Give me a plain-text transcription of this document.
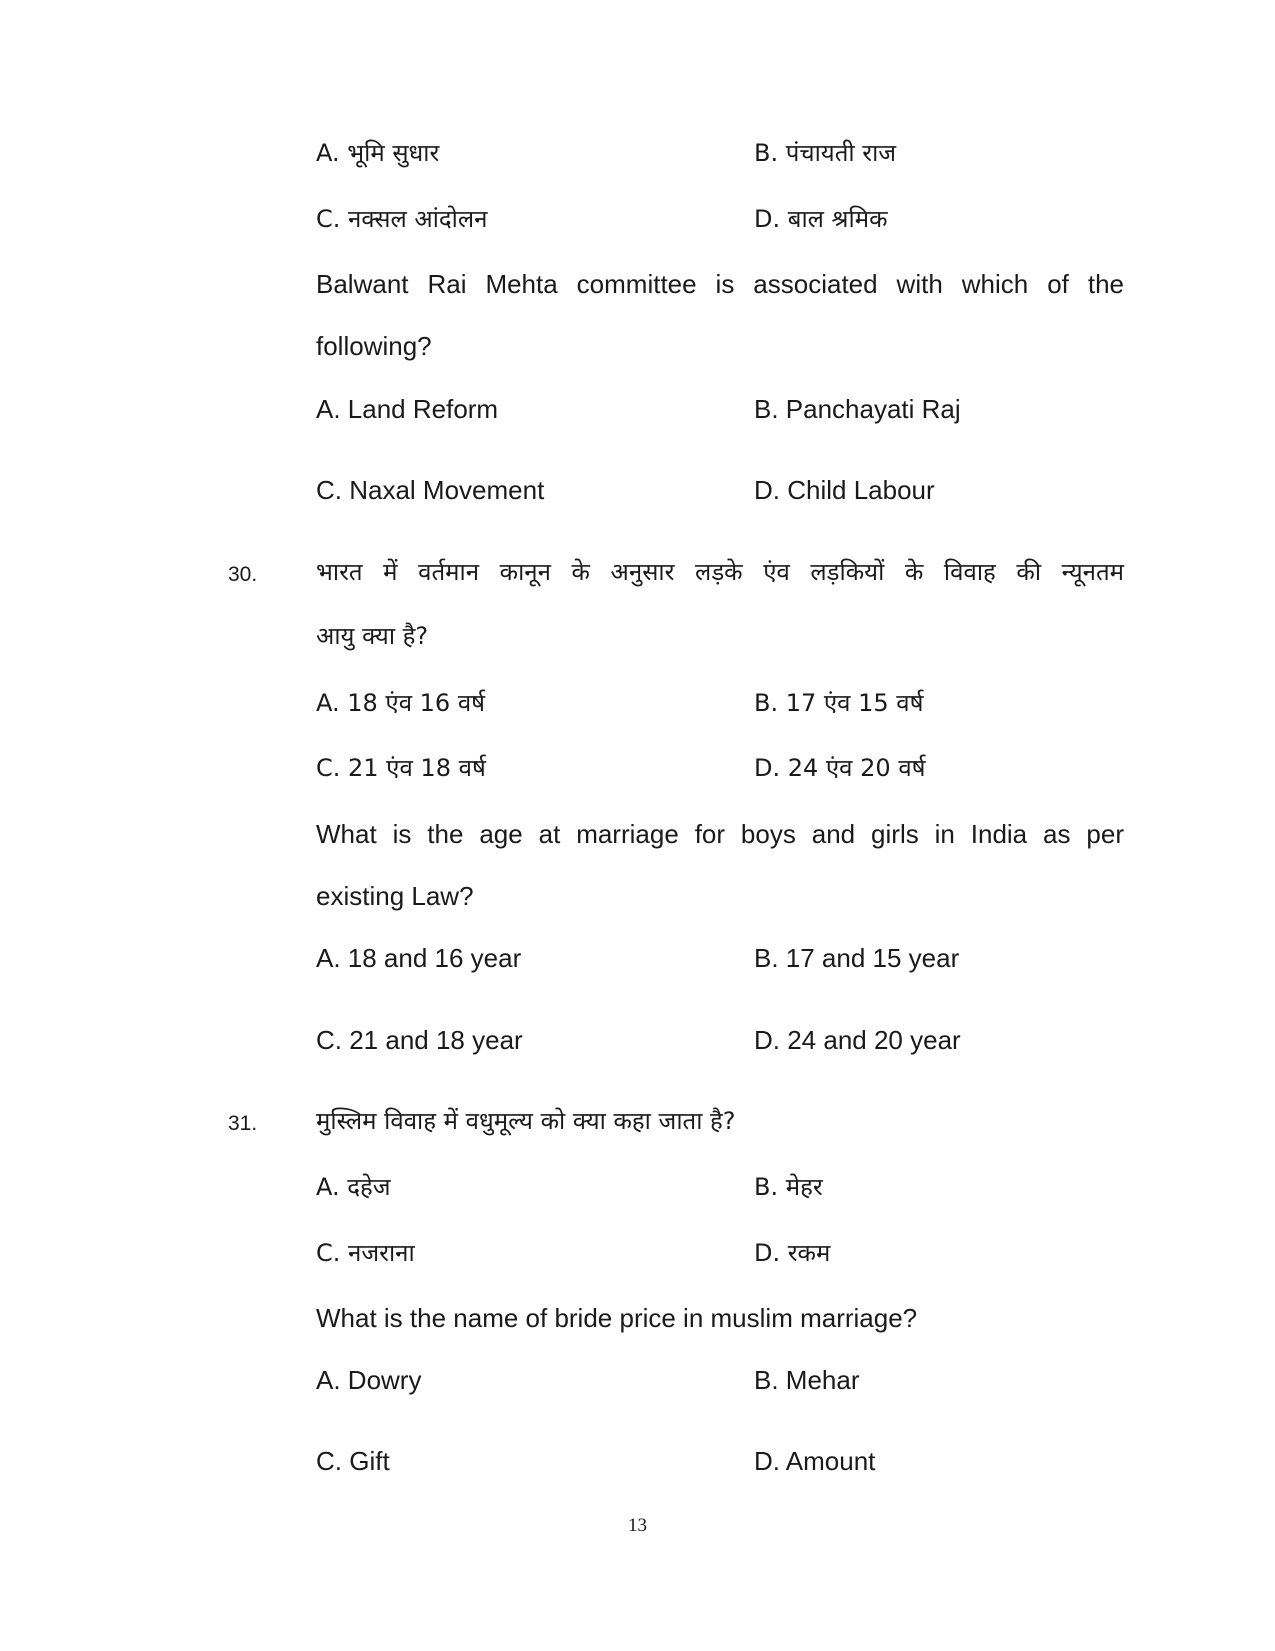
A. भूमि सुधार	B. पंचायती राज
C. नक्सल आंदोलन	D. बाल श्रमिक
Balwant Rai Mehta committee is associated with which of the
following?
A. Land Reform	B. Panchayati Raj
C. Naxal Movement	D. Child Labour
30. भारत में वर्तमान कानून के अनुसार लड़के एंव लड़कियों के विवाह की न्यूनतम
आयु क्या है?
A. 18 एंव 16 वर्ष	B. 17 एंव 15 वर्ष
C. 21 एंव 18 वर्ष	D. 24 एंव 20 वर्ष
What is the age at marriage for boys and girls in India as per
existing Law?
A. 18 and 16 year	B. 17 and 15 year
C. 21 and 18 year	D. 24 and 20 year
31. मुस्लिम विवाह में वधुमूल्य को क्या कहा जाता है?
A. दहेज	B. मेहर
C. नजराना	D. रकम
What is the name of bride price in muslim marriage?
A. Dowry	B. Mehar
C. Gift	D. Amount
13
